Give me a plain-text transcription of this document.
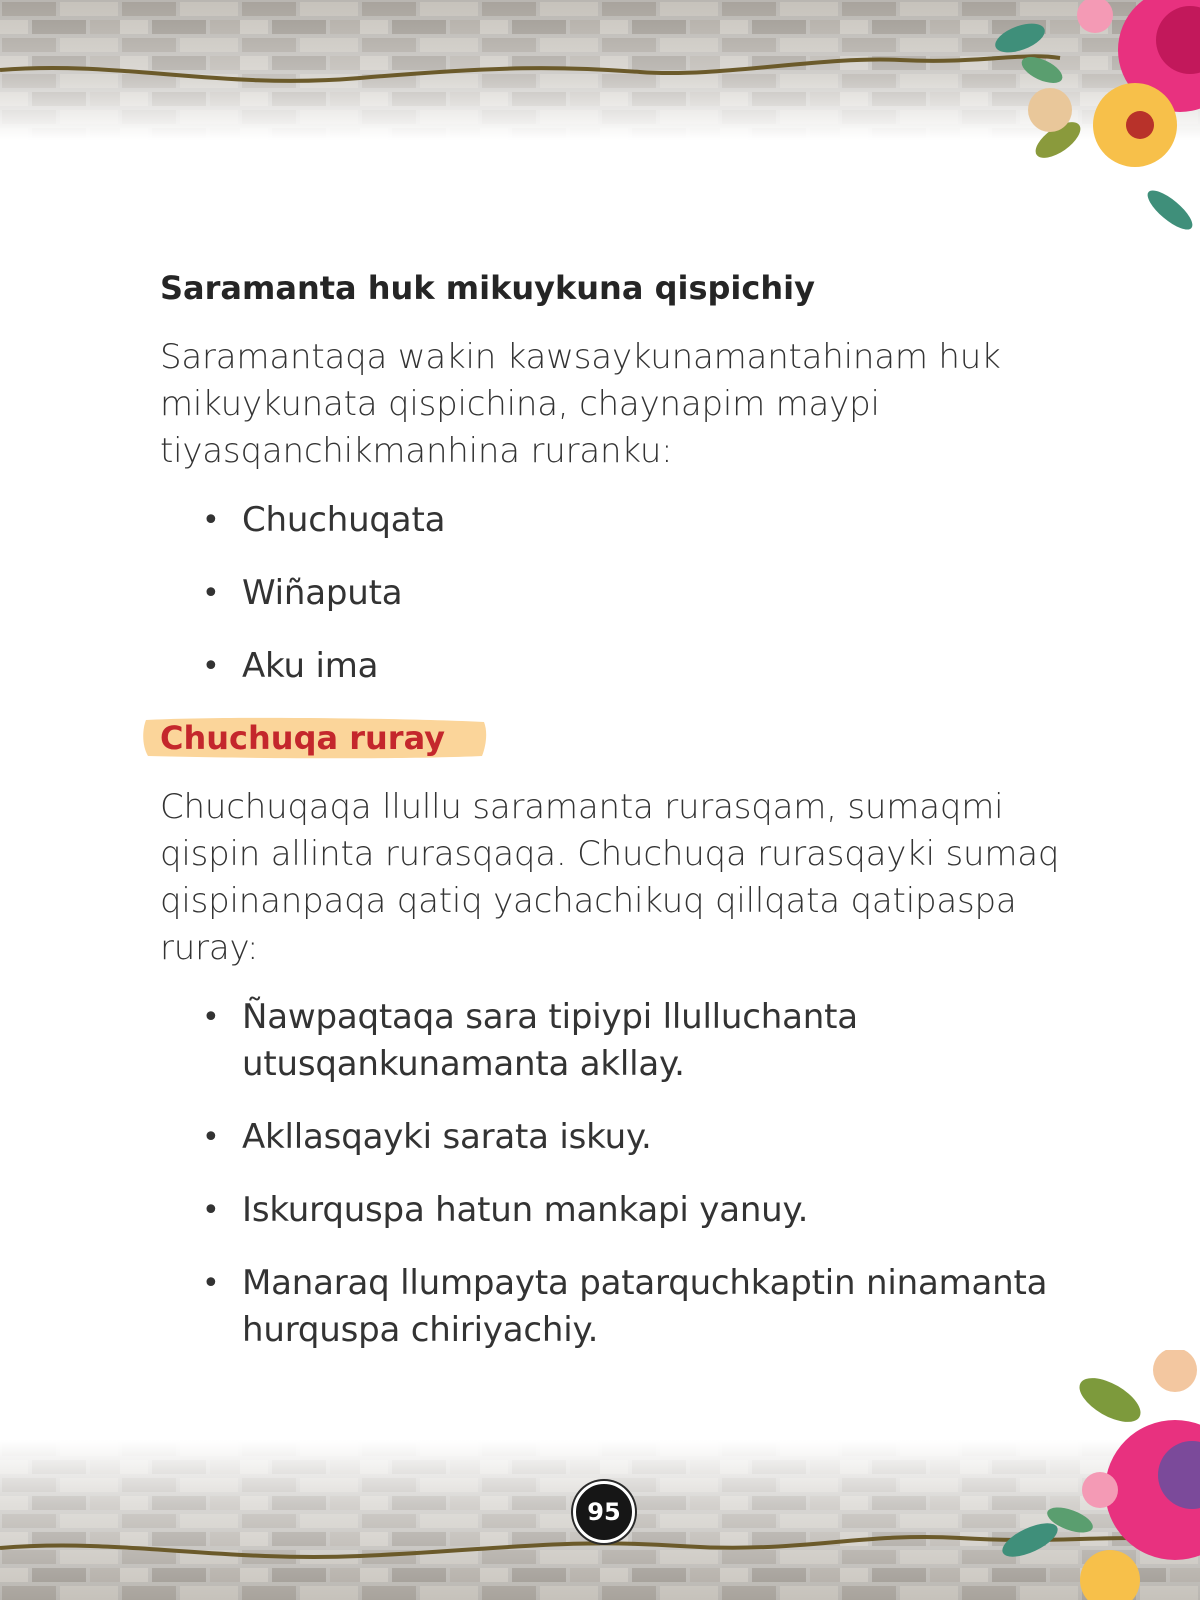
Saramanta huk mikuykuna qispichiy

Saramantaqa wakin kawsaykunamantahinam huk mikuykunata qispichina, chaynapim maypi tiyasqanchikmanhina ruranku:

• Chuchuqata
• Wiñaputa
• Aku ima
Chuchuqa ruray

Chuchuqaqa llullu saramanta rurasqam, sumaqmi qispin allinta rurasqaqa. Chuchuqa rurasqayki sumaq qispinanpaqa qatiq yachachikuq qillqata qatipaspa ruray:

• Ñawpaqtaqa sara tipiypi llulluchanta utusqankunamanta akllay.
• Akllasqayki sarata iskuy.
• Iskurquspa hatun mankapi yanuy.
• Manaraq llumpayta patarquchkaptin ninamanta hurquspa chiriyachiy.
95
